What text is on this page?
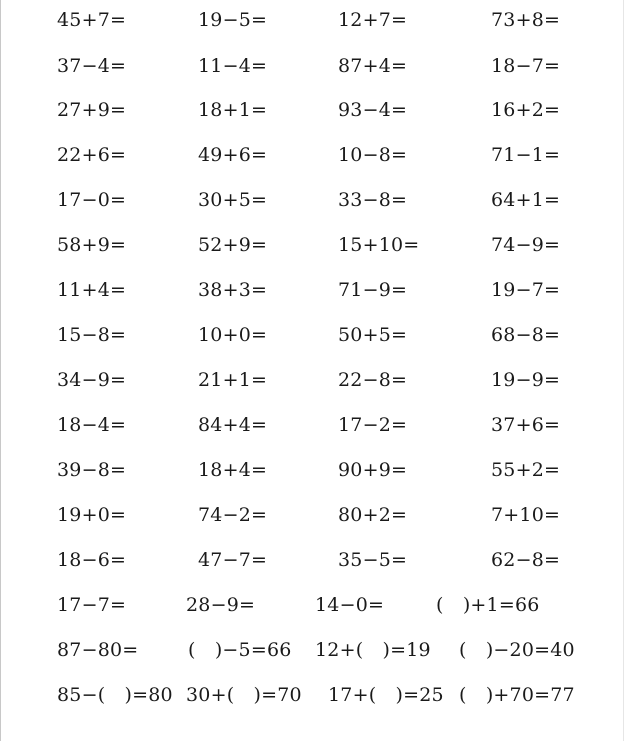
45+7=	19−5=	12+7=	73+8=
37−4=	11−4=	87+4=	18−7=
27+9=	18+1=	93−4=	16+2=
22+6=	49+6=	10−8=	71−1=
17−0=	30+5=	33−8=	64+1=
58+9=	52+9=	15+10=	74−9=
11+4=	38+3=	71−9=	19−7=
15−8=	10+0=	50+5=	68−8=
34−9=	21+1=	22−8=	19−9=
18−4=	84+4=	17−2=	37+6=
39−8=	18+4=	90+9=	55+2=
19+0=	74−2=	80+2=	7+10=
18−6=	47−7=	35−5=	62−8=
17−7=	28−9=	14−0=	(　)+1=66
87−80=	(　)−5=66 12+(　)=19 (　)−20=40
85−(　)=80 30+(　)=70 17+(　)=25 (　)+70=77
